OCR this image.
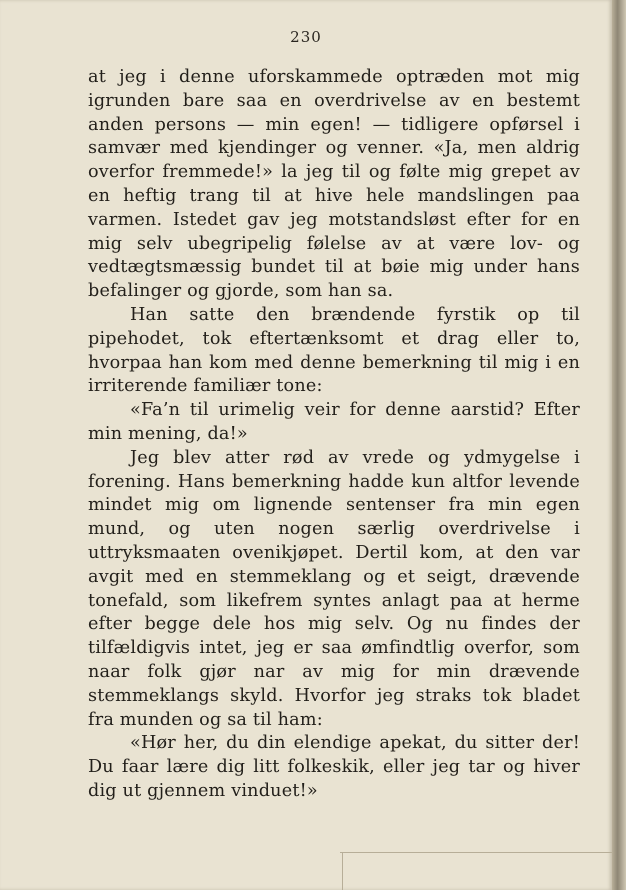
230

at jeg i denne uforskammede optræden mot mig igrunden bare saa en overdrivelse av en bestemt anden persons — min egen! — tidligere opførsel i samvær med kjendinger og venner. «Ja, men aldrig overfor fremmede!» la jeg til og følte mig grepet av en heftig trang til at hive hele mandslingen paa varmen. Istedet gav jeg motstandsløst efter for en mig selv ubegripelig følelse av at være lov- og vedtægtsmæssig bundet til at bøie mig under hans befalinger og gjorde, som han sa.

Han satte den brændende fyrstik op til pipehodet, tok eftertænksomt et drag eller to, hvorpaa han kom med denne bemerkning til mig i en irriterende familiær tone:

«Fa’n til urimelig veir for denne aarstid? Efter min mening, da!»

Jeg blev atter rød av vrede og ydmygelse i forening. Hans bemerkning hadde kun altfor levende mindet mig om lignende sentenser fra min egen mund, og uten nogen særlig overdrivelse i uttryksmaaten ovenikjøpet. Dertil kom, at den var avgit med en stemmeklang og et seigt, drævende tonefald, som likefrem syntes anlagt paa at herme efter begge dele hos mig selv. Og nu findes der tilfældigvis intet, jeg er saa ømfindtlig overfor, som naar folk gjør nar av mig for min drævende stemmeklangs skyld. Hvorfor jeg straks tok bladet fra munden og sa til ham:

«Hør her, du din elendige apekat, du sitter der! Du faar lære dig litt folkeskik, eller jeg tar og hiver dig ut gjennem vinduet!»
